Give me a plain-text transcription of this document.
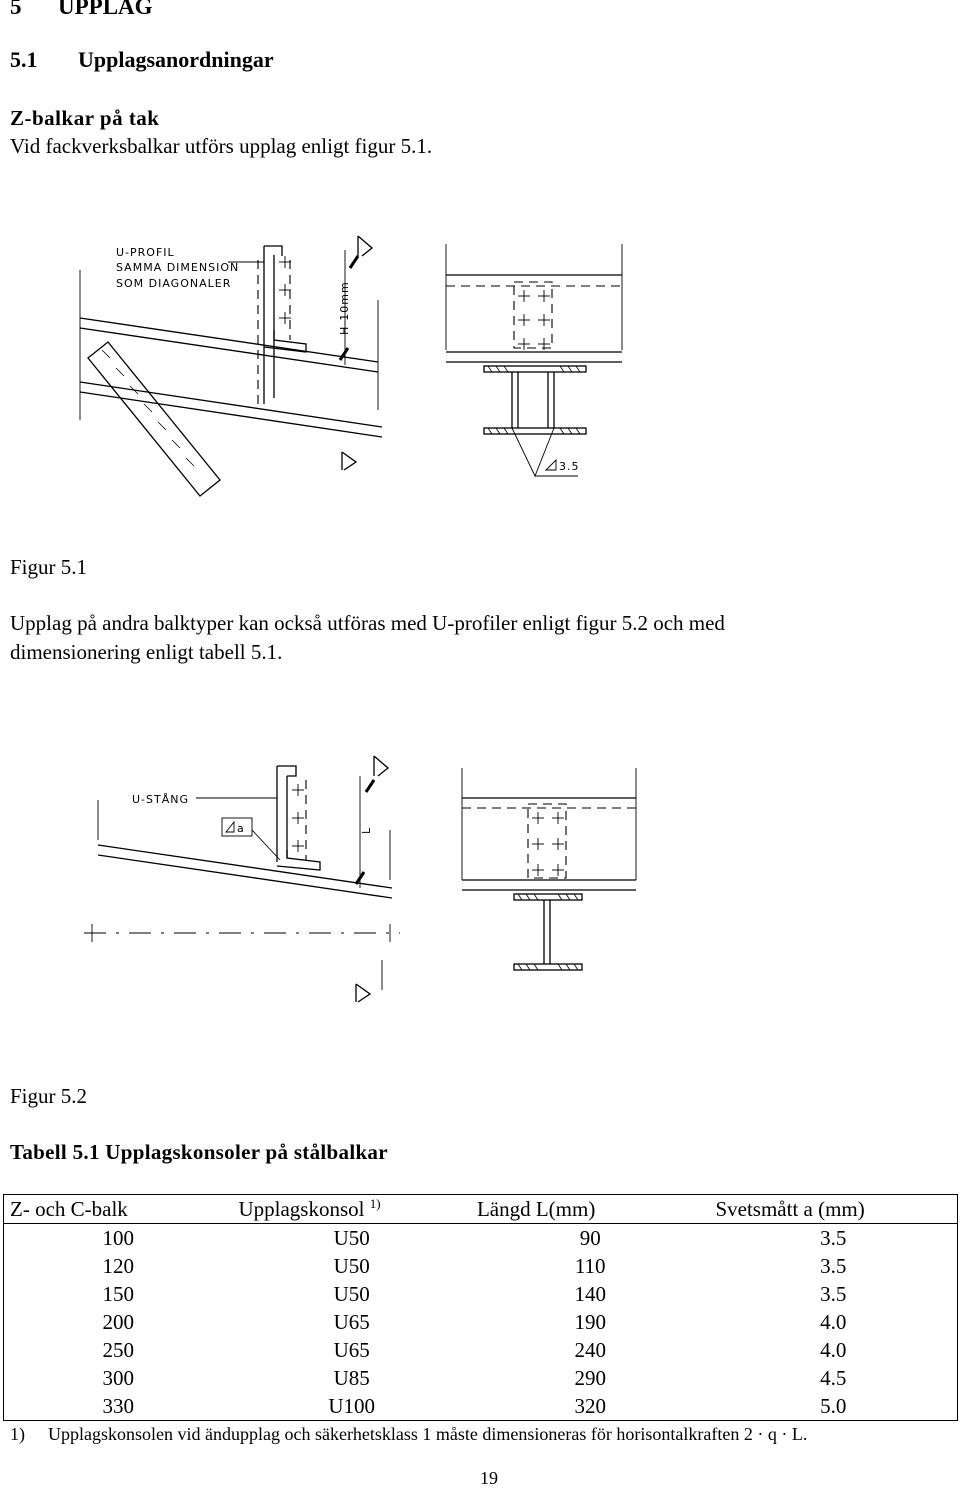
5 UPPLAG
5.1 Upplagsanordningar
Z-balkar på tak
Vid fackverksbalkar utförs upplag enligt figur 5.1.
H-10mm
U-PROFIL
SAMMA DIMENSION
SOM DIAGONALER
3.5
Figur 5.1
Upplag på andra balktyper kan också utföras med U-profiler enligt figur 5.2 och med
dimensionering enligt tabell 5.1.
U-STÅNG
a	L
Figur 5.2
Tabell 5.1 Upplagskonsoler på stålbalkar
Z- och C-balk	Upplagskonsol $^{1)}$	Längd L(mm)	Svetsmått a (mm)
100	U50	90	3.5
120	U50	110	3.5
150	U50	140	3.5
200	U65	190	4.0
250	U65	240	4.0
300	U85	290	4.5
330	U100	320	5.0
1) Upplagskonsolen vid ändupplag och säkerhetsklass 1 måste dimensioneras för horisontalkraften 2 · q · L.
19
